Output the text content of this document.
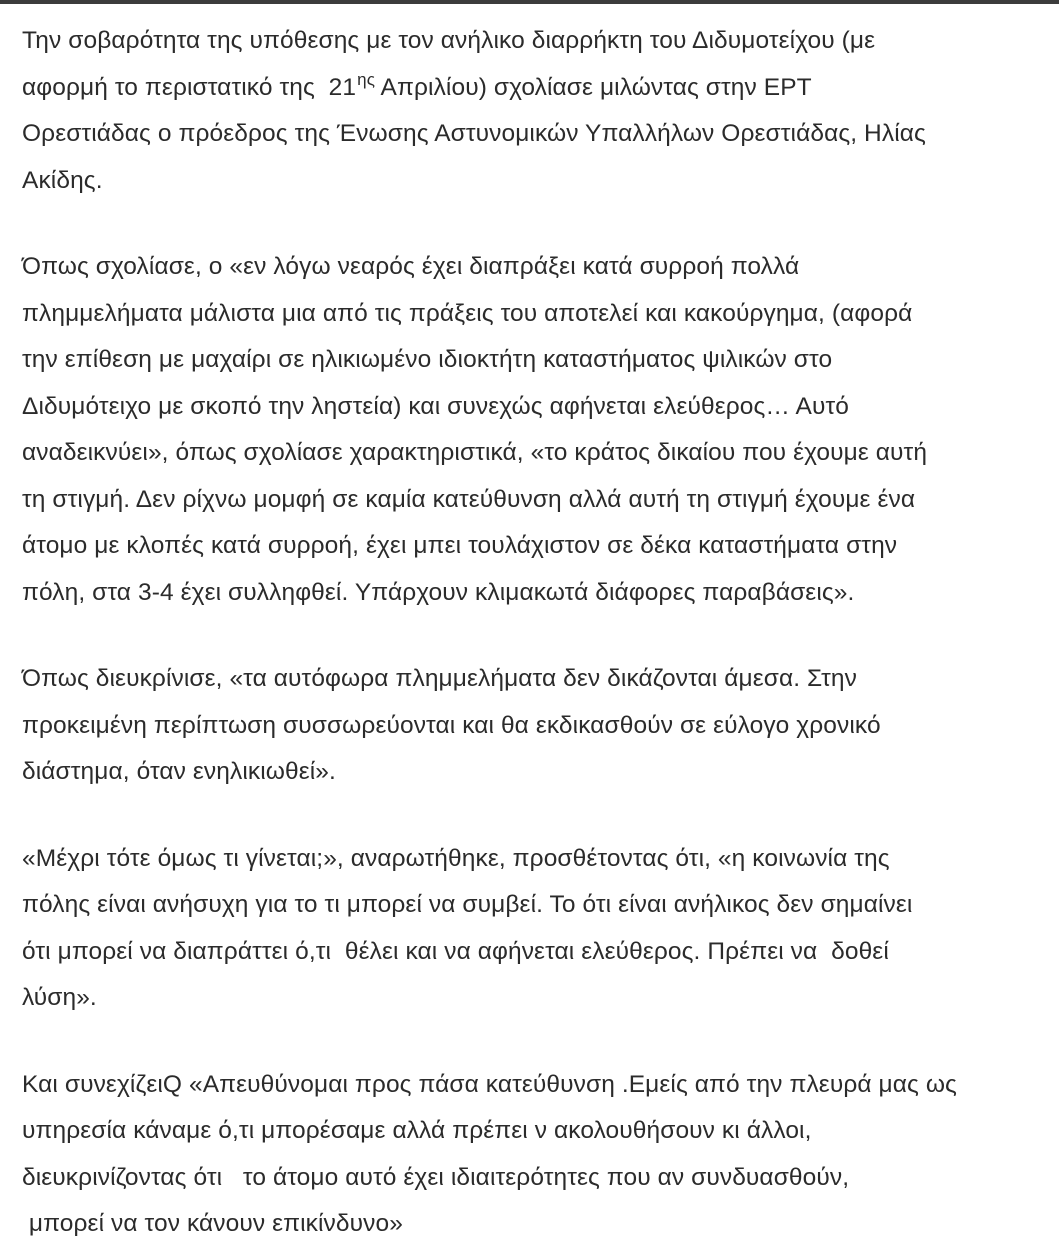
Την σοβαρότητα της υπόθεσης με τον ανήλικο διαρρήκτη του Διδυμοτείχου (με
αφορμή το περιστατικό της  $21^{\eta\varsigma}$ Απριλίου) σχολίασε μιλώντας στην ΕΡΤ
Ορεστιάδας ο πρόεδρος της Ένωσης Αστυνομικών Υπαλλήλων Ορεστιάδας, Ηλίας
Ακίδης.

Όπως σχολίασε, ο «εν λόγω νεαρός έχει διαπράξει κατά συρροή πολλά
πλημμελήματα μάλιστα μια από τις πράξεις του αποτελεί και κακούργημα, (αφορά
την επίθεση με μαχαίρι σε ηλικιωμένο ιδιοκτήτη καταστήματος ψιλικών στο
Διδυμότειχο με σκοπό την ληστεία) και συνεχώς αφήνεται ελεύθερος… Αυτό
αναδεικνύει», όπως σχολίασε χαρακτηριστικά, «το κράτος δικαίου που έχουμε αυτή
τη στιγμή. Δεν ρίχνω μομφή σε καμία κατεύθυνση αλλά αυτή τη στιγμή έχουμε ένα
άτομο με κλοπές κατά συρροή, έχει μπει τουλάχιστον σε δέκα καταστήματα στην
πόλη, στα 3-4 έχει συλληφθεί. Υπάρχουν κλιμακωτά διάφορες παραβάσεις».

Όπως διευκρίνισε, «τα αυτόφωρα πλημμελήματα δεν δικάζονται άμεσα. Στην
προκειμένη περίπτωση συσσωρεύονται και θα εκδικασθούν σε εύλογο χρονικό
διάστημα, όταν ενηλικιωθεί».

«Μέχρι τότε όμως τι γίνεται;», αναρωτήθηκε, προσθέτοντας ότι, «η κοινωνία της
πόλης είναι ανήσυχη για το τι μπορεί να συμβεί. Το ότι είναι ανήλικος δεν σημαίνει
ότι μπορεί να διαπράττει ό,τι  θέλει και να αφήνεται ελεύθερος. Πρέπει να  δοθεί
λύση».

Και συνεχίζειQ «Απευθύνομαι προς πάσα κατεύθυνση .Εμείς από την πλευρά μας ως
υπηρεσία κάναμε ό,τι μπορέσαμε αλλά πρέπει ν ακολουθήσουν κι άλλοι,
διευκρινίζοντας ότι   το άτομο αυτό έχει ιδιαιτερότητες που αν συνδυασθούν,
μπορεί να τον κάνουν επικίνδυνο»
